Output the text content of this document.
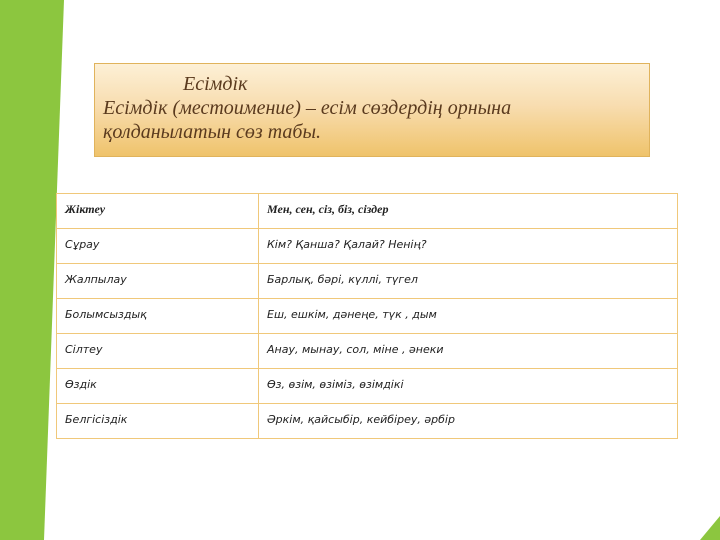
Есімдік
Есімдік (местоимение) – есім сөздердің орнына қолданылатын сөз табы.
Жіктеу	Мен, сен, сіз, біз, сіздер
Сұрау	Кім? Қанша? Қалай? Ненің?
Жалпылау	Барлық, бәрі, күллі, түгел
Болымсыздық	Еш, ешкім, дәнеңе, түк , дым
Сілтеу	Анау, мынау, сол, міне , әнеки
Өздік	Өз, өзім, өзіміз, өзімдікі
Белгісіздік	Әркім, қайсыбір, кейбіреу, әрбір
